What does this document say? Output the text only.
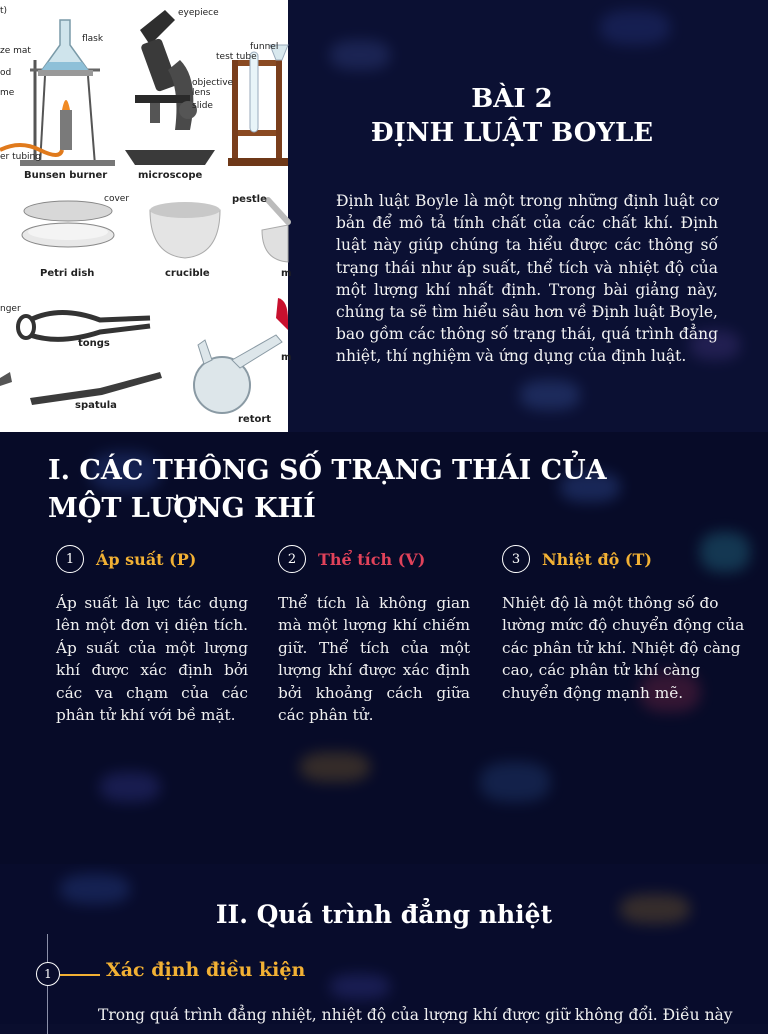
t)
ze mat
od
me
flask
eyepiece
funnel
test tube
objective
lens
slide
er tubing
Bunsen burner	microscope
cover	pestle
Petri dish	crucible	m
nger
tongs
m
spatula
retort
BÀI 2
ĐỊNH LUẬT BOYLE

Định luật Boyle là một trong những định luật cơ bản để mô tả tính chất của các chất khí. Định luật này giúp chúng ta hiểu được các thông số trạng thái như áp suất, thể tích và nhiệt độ của một lượng khí nhất định. Trong bài giảng này, chúng ta sẽ tìm hiểu sâu hơn về Định luật Boyle, bao gồm các thông số trạng thái, quá trình đẳng nhiệt, thí nghiệm và ứng dụng của định luật.

I. CÁC THÔNG SỐ TRẠNG THÁI CỦA
MỘT LƯỢNG KHÍ
1	Áp suất (P)

Áp suất là lực tác dụng lên một đơn vị diện tích. Áp suất của một lượng khí được xác định bởi các va chạm của các phân tử khí với bề mặt.

2	Thể tích (V)

Thể tích là không gian mà một lượng khí chiếm giữ. Thể tích của một lượng khí được xác định bởi khoảng cách giữa các phân tử.

3	Nhiệt độ (T)

Nhiệt độ là một thông số đo lường mức độ chuyển động của các phân tử khí. Nhiệt độ càng cao, các phân tử khí càng chuyển động mạnh mẽ.

II. Quá trình đẳng nhiệt
1	Xác định điều kiện

Trong quá trình đẳng nhiệt, nhiệt độ của lượng khí được giữ không đổi. Điều này
